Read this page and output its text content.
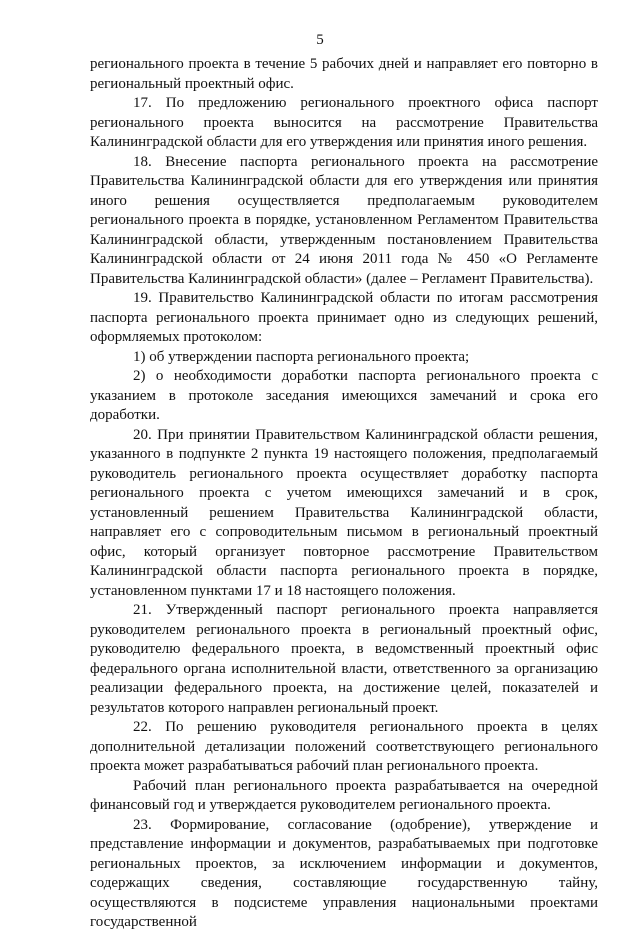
5

регионального проекта в течение 5 рабочих дней и направляет его повторно в региональный проектный офис.

17. По предложению регионального проектного офиса паспорт регионального проекта выносится на рассмотрение Правительства Калининградской области для его утверждения или принятия иного решения.

18. Внесение паспорта регионального проекта на рассмотрение Правительства Калининградской области для его утверждения или принятия иного решения осуществляется предполагаемым руководителем регионального проекта в порядке, установленном Регламентом Правительства Калининградской области, утвержденным постановлением Правительства Калининградской области от 24 июня 2011 года № 450 «О Регламенте Правительства Калининградской области» (далее – Регламент Правительства).

19. Правительство Калининградской области по итогам рассмотрения паспорта регионального проекта принимает одно из следующих решений, оформляемых протоколом:

1) об утверждении паспорта регионального проекта;

2) о необходимости доработки паспорта регионального проекта с указанием в протоколе заседания имеющихся замечаний и срока его доработки.

20. При принятии Правительством Калининградской области решения, указанного в подпункте 2 пункта 19 настоящего положения, предполагаемый руководитель регионального проекта осуществляет доработку паспорта регионального проекта с учетом имеющихся замечаний и в срок, установленный решением Правительства Калининградской области, направляет его с сопроводительным письмом в региональный проектный офис, который организует повторное рассмотрение Правительством Калининградской области паспорта регионального проекта в порядке, установленном пунктами 17 и 18 настоящего положения.

21. Утвержденный паспорт регионального проекта направляется руководителем регионального проекта в региональный проектный офис, руководителю федерального проекта, в ведомственный проектный офис федерального органа исполнительной власти, ответственного за организацию реализации федерального проекта, на достижение целей, показателей и результатов которого направлен региональный проект.

22. По решению руководителя регионального проекта в целях дополнительной детализации положений соответствующего регионального проекта может разрабатываться рабочий план регионального проекта.

Рабочий план регионального проекта разрабатывается на очередной финансовый год и утверждается руководителем регионального проекта.

23. Формирование, согласование (одобрение), утверждение и представление информации и документов, разрабатываемых при подготовке региональных проектов, за исключением информации и документов, содержащих сведения, составляющие государственную тайну, осуществляются в подсистеме управления национальными проектами государственной
